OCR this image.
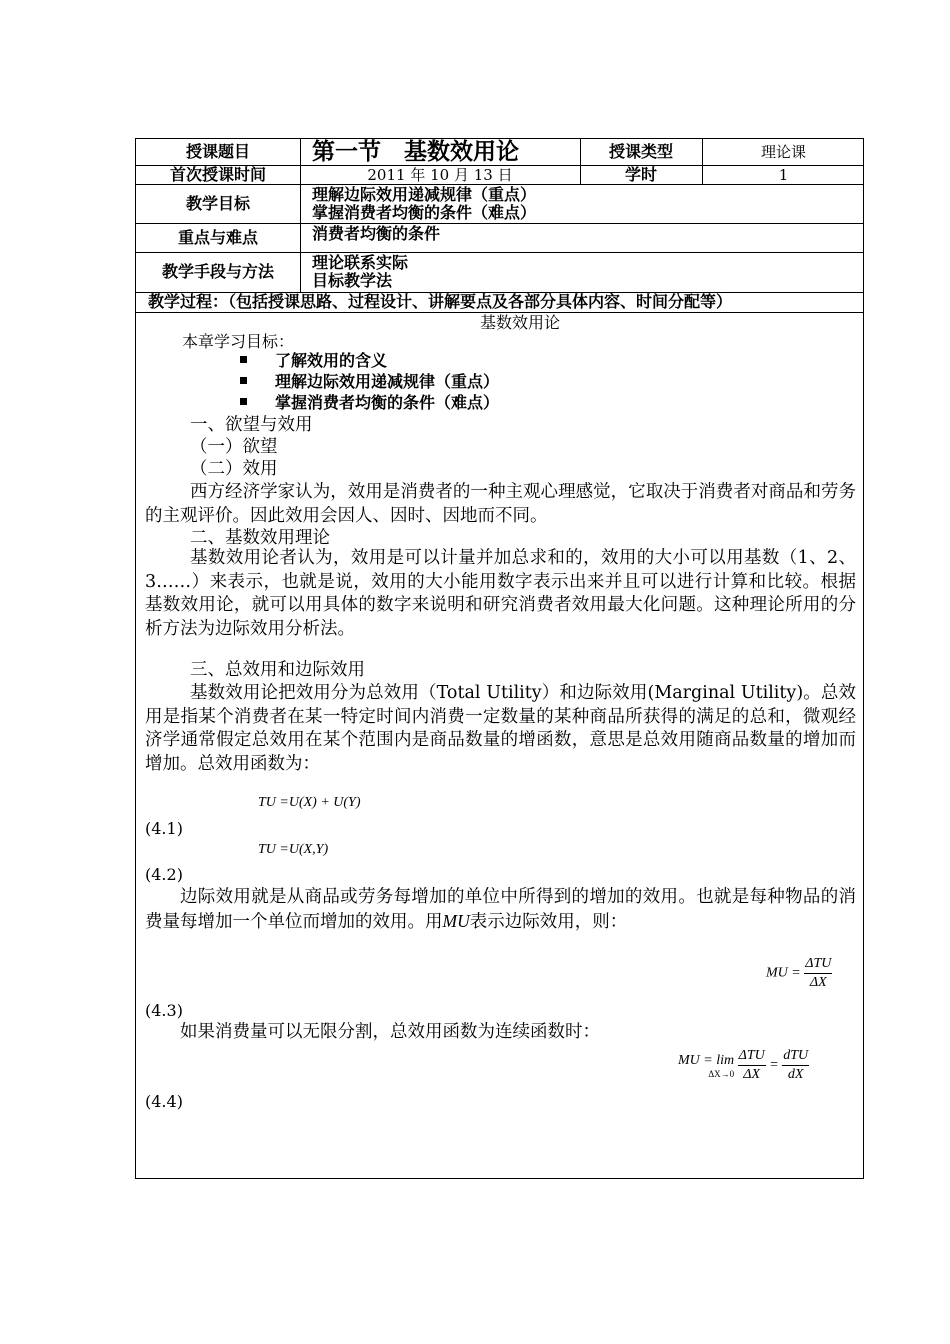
授课题目	第一节　基数效用论	授课类型	理论课
首次授课时间	2011 年 10 月 13 日	学时	1
教学目标	理解边际效用递减规律（重点）
掌握消费者均衡的条件（难点）
重点与难点	消费者均衡的条件
教学手段与方法	理论联系实际
目标教学法
教学过程：（包括授课思路、过程设计、讲解要点及各部分具体内容、时间分配等）
基数效用论
本章学习目标：
了解效用的含义
理解边际效用递减规律（重点）
掌握消费者均衡的条件（难点）
一、欲望与效用
（一）欲望
（二）效用
西方经济学家认为，效用是消费者的一种主观心理感觉，它取决于消费者对商品和劳务的主观评价。因此效用会因人、因时、因地而不同。
二、基数效用理论
基数效用论者认为，效用是可以计量并加总求和的，效用的大小可以用基数（1、2、3……）来表示，也就是说，效用的大小能用数字表示出来并且可以进行计算和比较。根据基数效用论，就可以用具体的数字来说明和研究消费者效用最大化问题。这种理论所用的分析方法为边际效用分析法。
三、总效用和边际效用
基数效用论把效用分为总效用（Total Utility）和边际效用(Marginal Utility)。总效用是指某个消费者在某一特定时间内消费一定数量的某种商品所获得的满足的总和，微观经济学通常假定总效用在某个范围内是商品数量的增函数，意思是总效用随商品数量的增加而增加。总效用函数为：
TU =U(X) + U(Y)
(4.1)
TU =U(X,Y)
(4.2)
边际效用就是从商品或劳务每增加的单位中所得到的增加的效用。也就是每种物品的消费量每增加一个单位而增加的效用。用MU表示边际效用，则：
MU = $\frac{\text{ΔTU}}{\Delta X}$
(4.3)
如果消费量可以无限分割，总效用函数为连续函数时：
MU = lim
ΔX→0
$\frac{\text{ΔTU}}{\Delta X} = \frac{\text{dTU}}{dX}$
(4.4)
